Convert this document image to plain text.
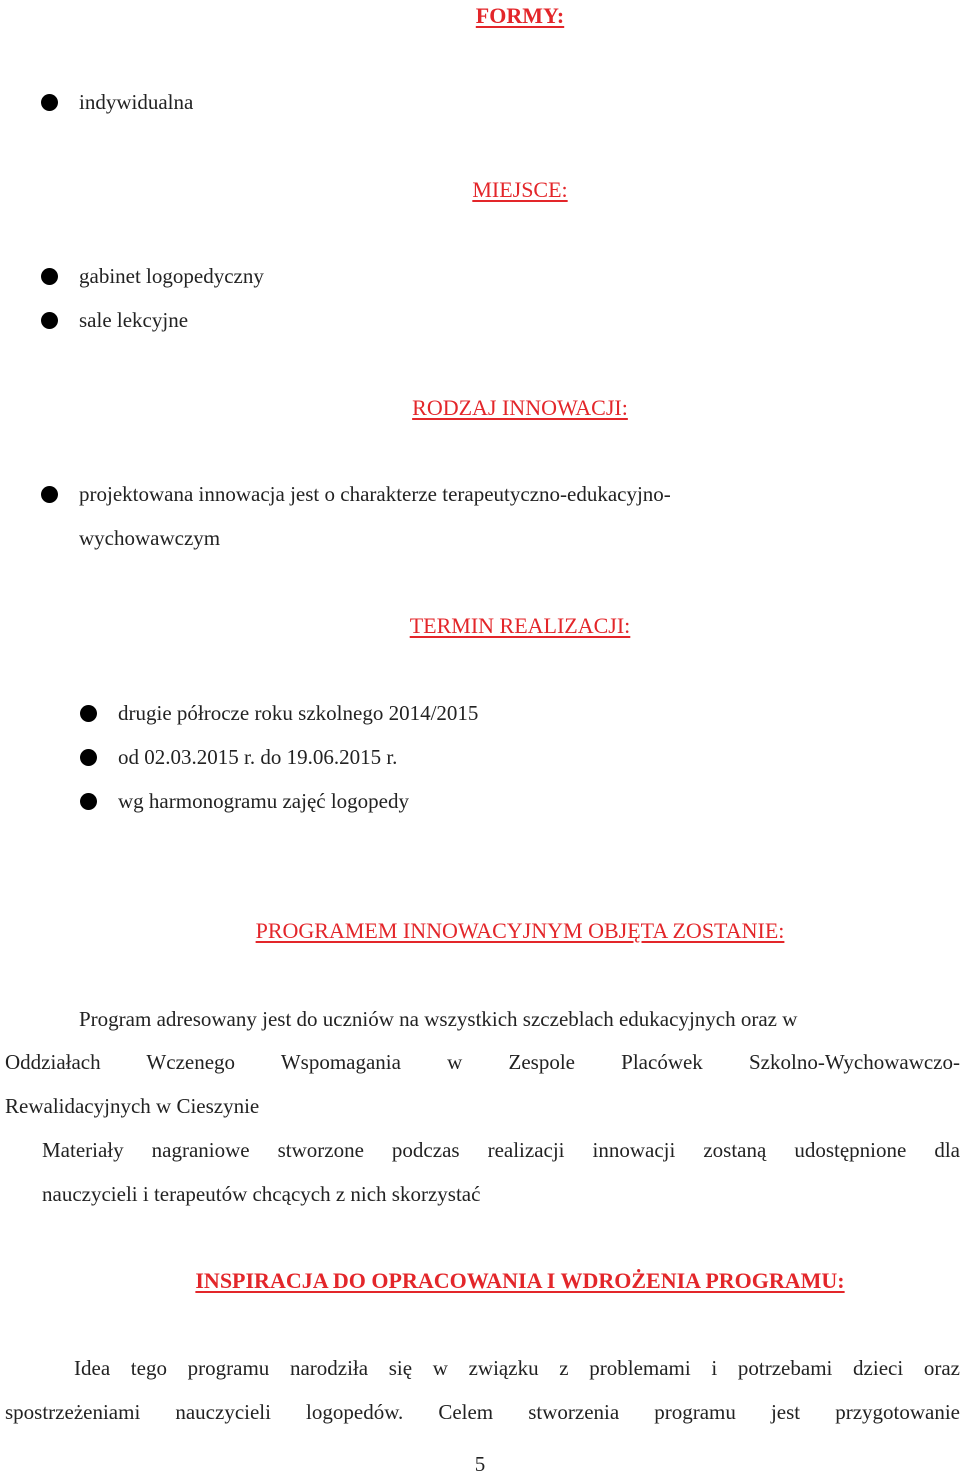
FORMY:
indywidualna
MIEJSCE:
gabinet logopedyczny
sale lekcyjne
RODZAJ INNOWACJI:
projektowana innowacja jest o charakterze terapeutyczno-edukacyjno-
wychowawczym
TERMIN REALIZACJI:
drugie półrocze roku szkolnego 2014/2015
od 02.03.2015 r. do 19.06.2015 r.
wg harmonogramu zajęć logopedy
PROGRAMEM INNOWACYJNYM OBJĘTA ZOSTANIE:
Program adresowany jest do uczniów na wszystkich szczeblach edukacyjnych oraz w
Oddziałach Wczenego Wspomagania w Zespole Placówek Szkolno-Wychowawczo-
Rewalidacyjnych w Cieszynie
Materiały nagraniowe stworzone podczas realizacji innowacji zostaną udostępnione dla
nauczycieli i terapeutów chcących z nich skorzystać
INSPIRACJA DO OPRACOWANIA I WDROŻENIA PROGRAMU:
Idea tego programu narodziła się w związku z problemami i potrzebami dzieci oraz
spostrzeżeniami nauczycieli logopedów. Celem stworzenia programu jest przygotowanie
5
